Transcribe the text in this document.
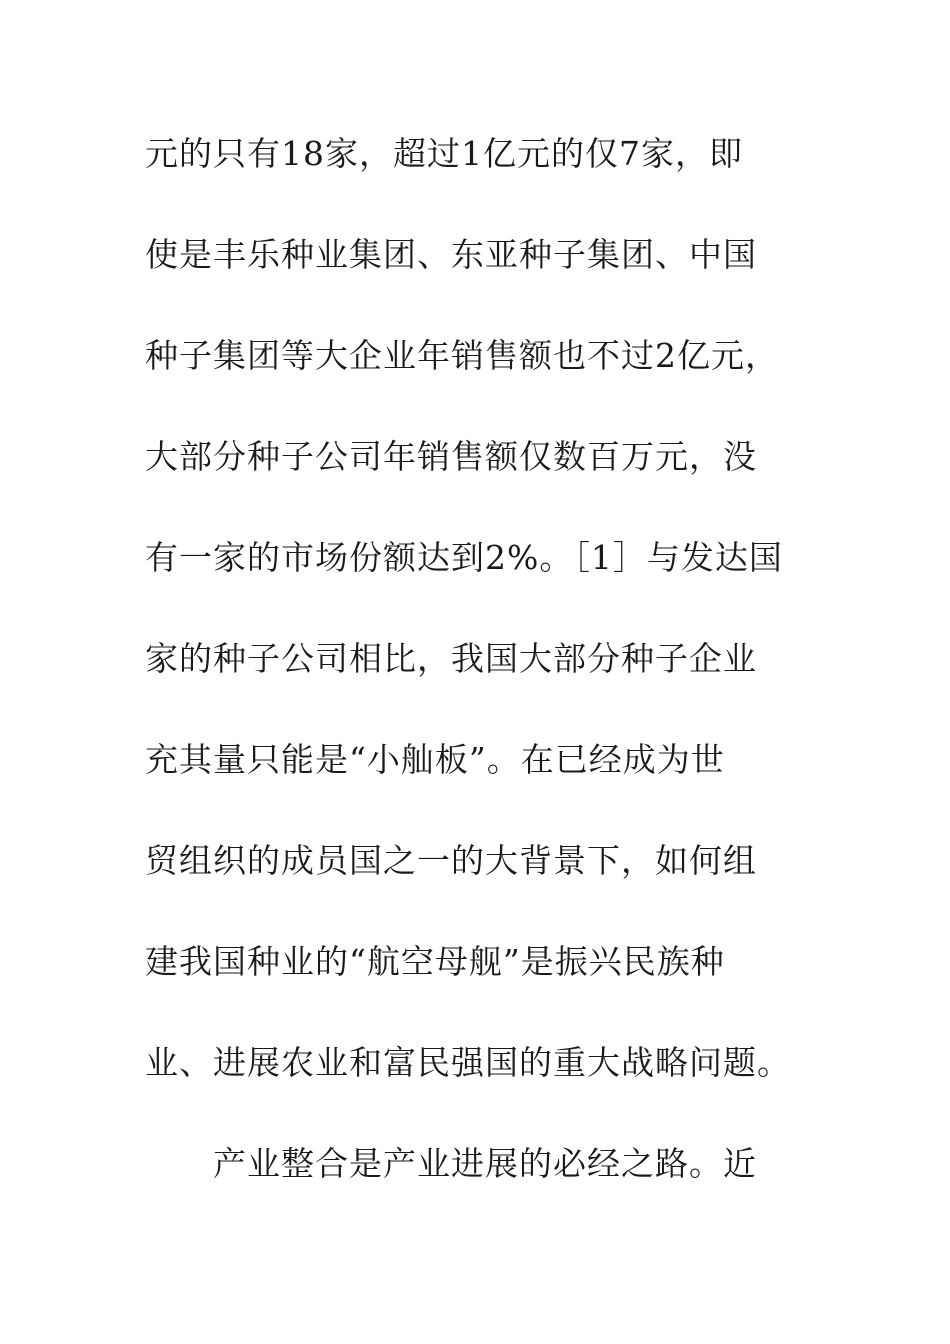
元的只有18家，超过1亿元的仅7家，即
使是丰乐种业集团、东亚种子集团、中国
种子集团等大企业年销售额也不过2亿元，
大部分种子公司年销售额仅数百万元，没
有一家的市场份额达到2%。［1］与发达国
家的种子公司相比，我国大部分种子企业
充其量只能是“小舢板”。在已经成为世
贸组织的成员国之一的大背景下，如何组
建我国种业的“航空母舰”是振兴民族种
业、进展农业和富民强国的重大战略问题。
产业整合是产业进展的必经之路。近
